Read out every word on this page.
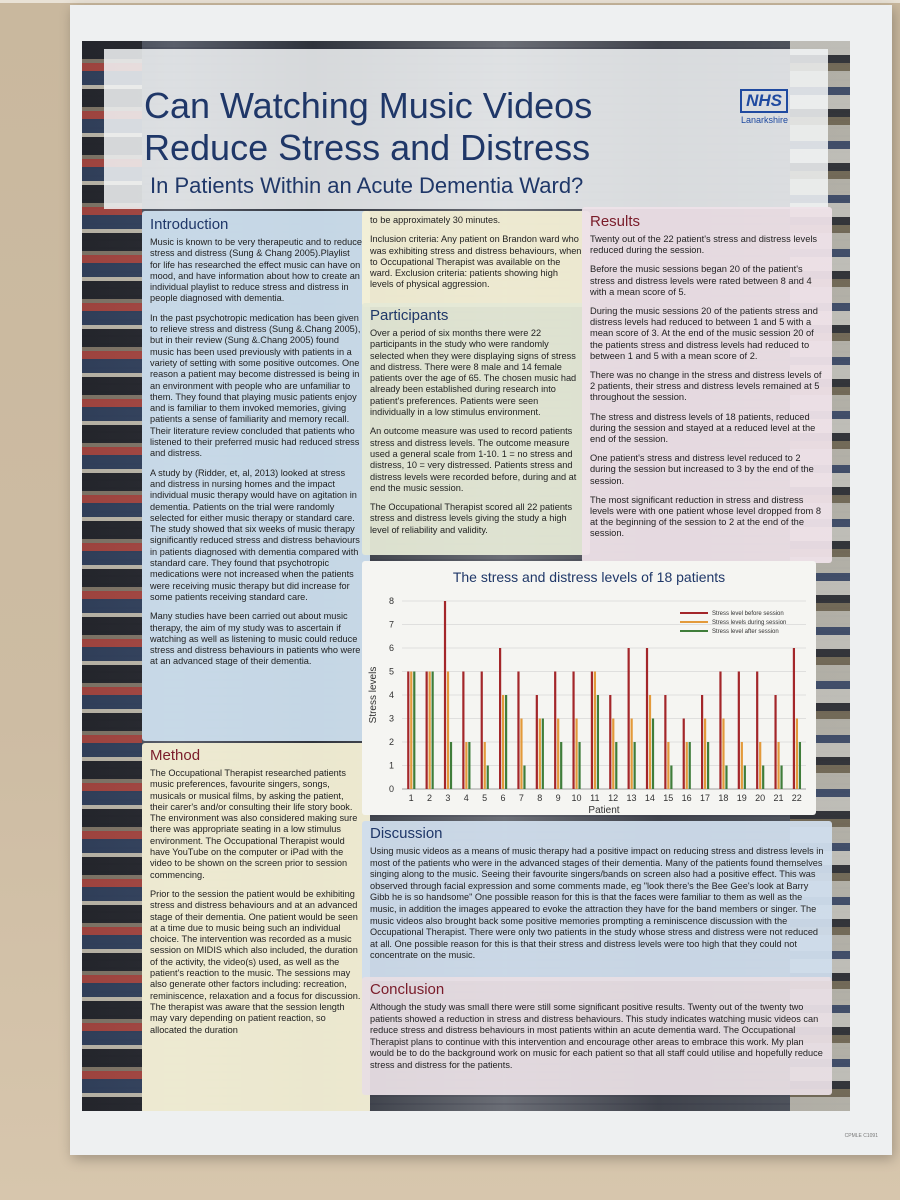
Can Watching Music Videos Reduce Stress and Distress
In Patients Within an Acute Dementia Ward?
NHS
Lanarkshire
Introduction

Music is known to be very therapeutic and to reduce stress and distress (Sung & Chang 2005).Playlist for life has researched the effect music can have on mood, and have information about how to create an individual playlist to reduce stress and distress in people diagnosed with dementia.

In the past psychotropic medication has been given to relieve stress and distress (Sung &.Chang 2005), but in their review (Sung &.Chang 2005) found music has been used previously with patients in a variety of setting with some positive outcomes. One reason a patient may become distressed is being in an environment with people who are unfamiliar to them. They found that playing music patients enjoy and is familiar to them invoked memories, giving patients a sense of familiarity and memory recall. Their literature review concluded that patients who listened to their preferred music had reduced stress and distress.

A study by (Ridder, et, al, 2013) looked at stress and distress in nursing homes and the impact individual music therapy would have on agitation in dementia. Patients on the trial were randomly selected for either music therapy or standard care. The study showed that six weeks of music therapy significantly reduced stress and distress behaviours in patients diagnosed with dementia compared with standard care. They found that psychotropic medications were not increased when the patients were receiving music therapy but did increase for some patients receiving standard care.

Many studies have been carried out about music therapy, the aim of my study was to ascertain if watching as well as listening to music could reduce stress and distress behaviours in patients who were at an advanced stage of their dementia.

Method

The Occupational Therapist researched patients music preferences, favourite singers, songs, musicals or musical films, by asking the patient, their carer's and/or consulting their life story book. The environment was also considered making sure there was appropriate seating in a low stimulus environment. The Occupational Therapist would have YouTube on the computer or iPad with the video to be shown on the screen prior to session commencing.

Prior to the session the patient would be exhibiting stress and distress behaviours and at an advanced stage of their dementia. One patient would be seen at a time due to music being such an individual choice. The intervention was recorded as a music session on MIDIS which also included, the duration of the activity, the video(s) used, as well as the patient's reaction to the music. The sessions may also generate other factors including: recreation, reminiscence, relaxation and a focus for discussion. The therapist was aware that the session length may vary depending on patient reaction, so allocated the duration

to be approximately 30 minutes.

Inclusion criteria: Any patient on Brandon ward who was exhibiting stress and distress behaviours, when to Occupational Therapist was available on the ward. Exclusion criteria: patients showing high levels of physical aggression.

Participants

Over a period of six months there were 22 participants in the study who were randomly selected when they were displaying signs of stress and distress. There were 8 male and 14 female patients over the age of 65. The chosen music had already been established during research into patient's preferences. Patients were seen individually in a low stimulus environment.

An outcome measure was used to record patients stress and distress levels. The outcome measure used a general scale from 1-10. 1 = no stress and distress, 10 = very distressed. Patients stress and distress levels were recorded before, during and at end the music session.

The Occupational Therapist scored all 22 patients stress and distress levels giving the study a high level of reliability and validity.

Results

Twenty out of the 22 patient's stress and distress levels reduced during the session.

Before the music sessions began 20 of the patient's stress and distress levels were rated between 8 and 4 with a mean score of 5.

During the music sessions 20 of the patients stress and distress levels had reduced to between 1 and 5 with a mean score of 3. At the end of the music session 20 of the patients stress and distress levels had reduced to between 1 and 5 with a mean score of 2.

There was no change in the stress and distress levels of 2 patients, their stress and distress levels remained at 5 throughout the session.

The stress and distress levels of 18 patients, reduced during the session and stayed at a reduced level at the end of the session.

One patient's stress and distress level reduced to 2 during the session but increased to 3 by the end of the session.

The most significant reduction in stress and distress levels were with one patient whose level dropped from 8 at the beginning of the session to 2 at the end of the session.

The stress and distress levels of 18 patients
0
1
2
3
4
5
6
7
8
Stress levels
Patient
1 2 3 4 5 6 7 8 9 10 11 12 13 14 15 16 17 18 19 20 21 22
Stress level before session
Stress levels during session
Stress level after session
Discussion

Using music videos as a means of music therapy had a positive impact on reducing stress and distress levels in most of the patients who were in the advanced stages of their dementia. Many of the patients found themselves singing along to the music. Seeing their favourite singers/bands on screen also had a positive effect. This was observed through facial expression and some comments made, eg "look there's the Bee Gee's look at Barry Gibb he is so handsome" One possible reason for this is that the faces were familiar to them as well as the music, in addition the images appeared to evoke the attraction they have for the band members or singer. The music videos also brought back some positive memories prompting a reminiscence discussion with the Occupational Therapist. There were only two patients in the study whose stress and distress were not reduced at all. One possible reason for this is that their stress and distress levels were too high that they could not concentrate on the music.

Conclusion

Although the study was small there were still some significant positive results. Twenty out of the twenty two patients showed a reduction in stress and distress behaviours. This study indicates watching music videos can reduce stress and distress behaviours in most patients within an acute dementia ward. The Occupational Therapist plans to continue with this intervention and encourage other areas to embrace this work. My plan would be to do the background work on music for each patient so that all staff could utilise and hopefully reduce stress and distress for the patients.

CPMLE C1091
